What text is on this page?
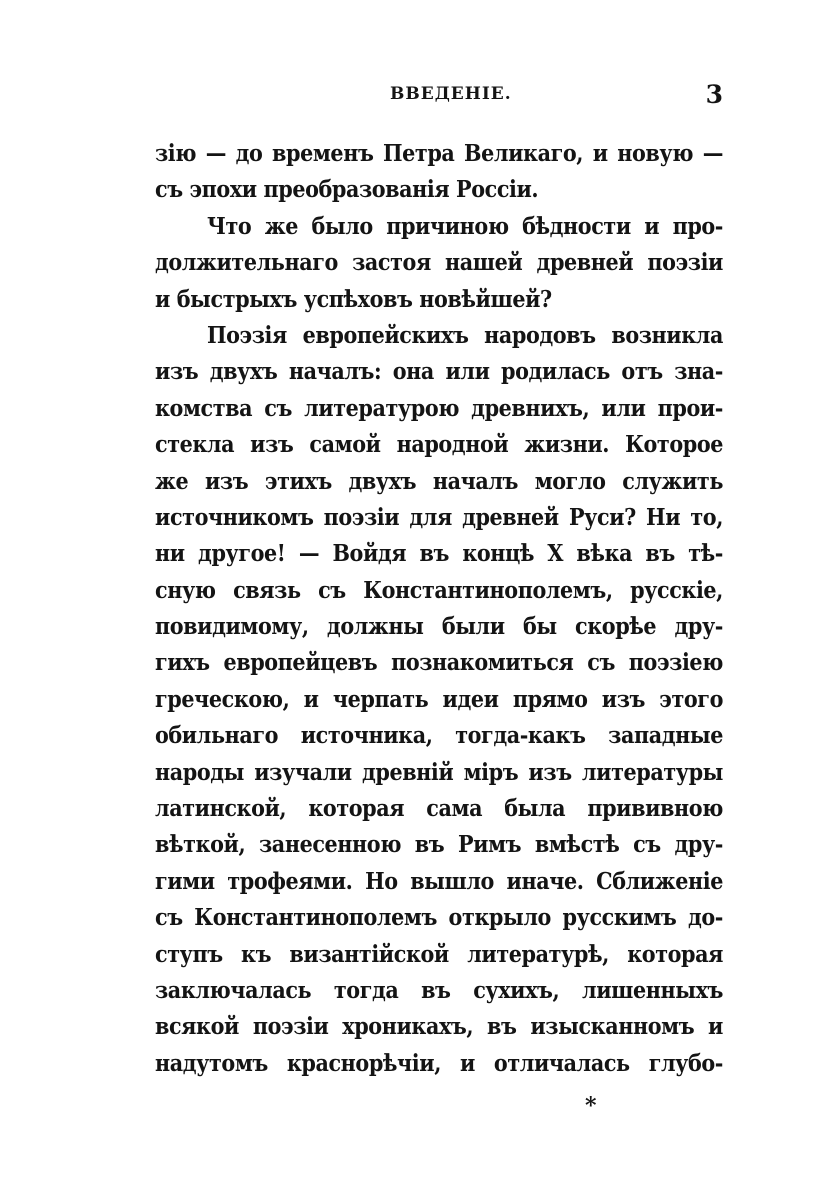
ВВЕДЕНІЕ.	3
зію — до временъ Петра Великаго, и новую —
съ эпохи преобразованія Россіи.
Что же было причиною бѣдности и про-
должительнаго застоя нашей древней поэзіи
и быстрыхъ успѣховъ новѣйшей?
Поэзія европейскихъ народовъ возникла
изъ двухъ началъ: она или родилась отъ зна-
комства съ литературою древнихъ, или прои-
стекла изъ самой народной жизни. Которое
же изъ этихъ двухъ началъ могло служить
источникомъ поэзіи для древней Руси? Ни то,
ни другое! — Войдя въ концѣ X вѣка въ тѣ-
сную связь съ Константинополемъ, русскіе,
повидимому, должны были бы скорѣе дру-
гихъ европейцевъ познакомиться съ поэзіею
греческою, и черпать идеи прямо изъ этого
обильнаго источника, тогда-какъ западные
народы изучали древній міръ изъ литературы
латинской, которая сама была прививною
вѣткой, занесенною въ Римъ вмѣстѣ съ дру-
гими трофеями. Но вышло иначе. Сближеніе
съ Константинополемъ открыло русскимъ до-
ступъ къ византійской литературѣ, которая
заключалась тогда въ сухихъ, лишенныхъ
всякой поэзіи хроникахъ, въ изысканномъ и
надутомъ краснорѣчіи, и отличалась глубо-
*
